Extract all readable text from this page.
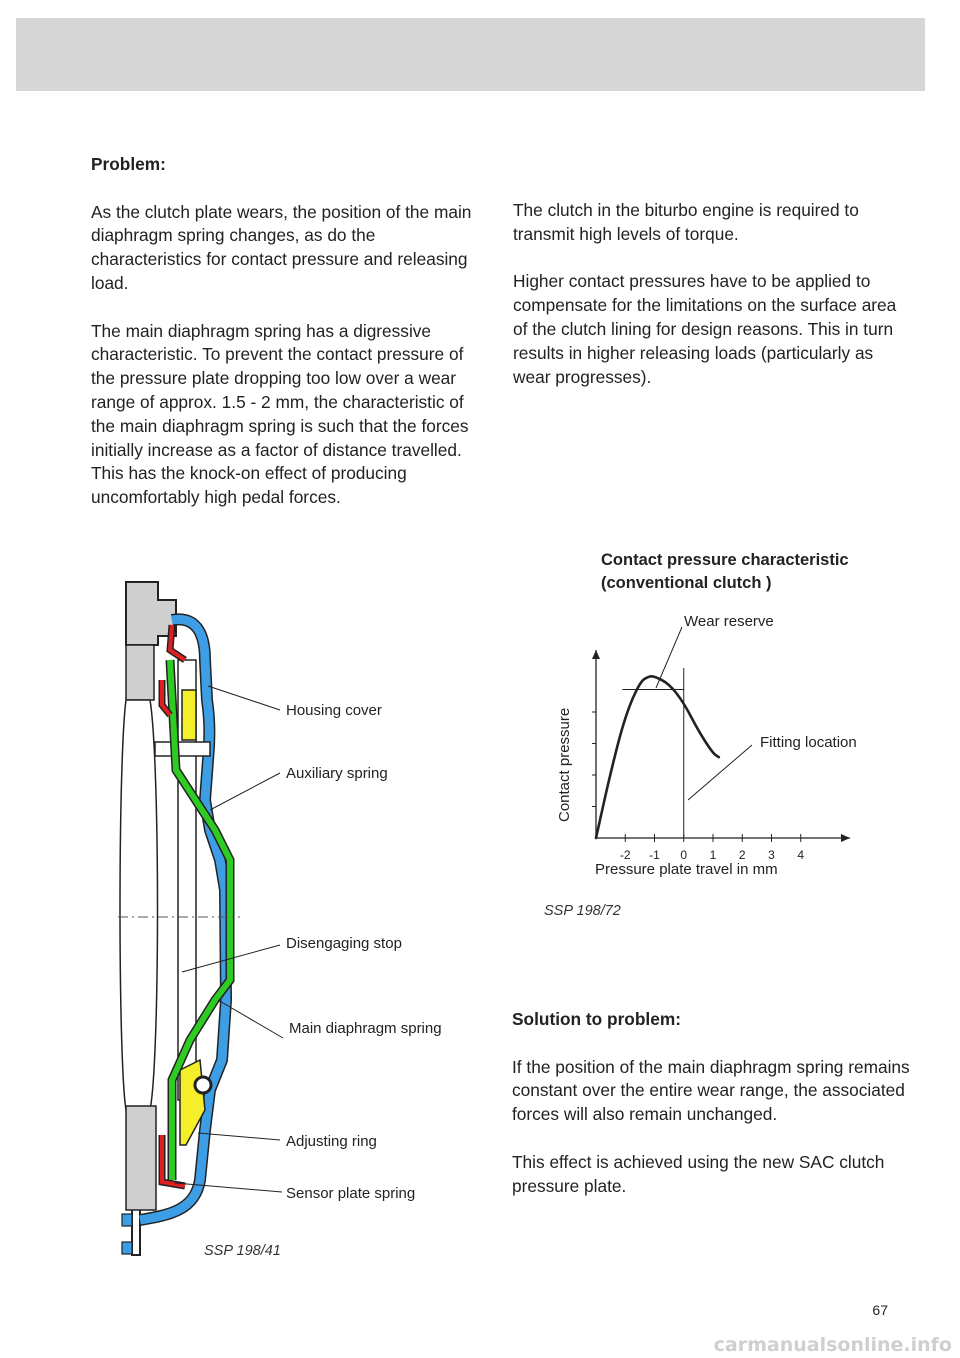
Problem:

As the clutch plate wears, the position of the main diaphragm spring changes, as do the characteristics for contact pressure and releasing load.

The main diaphragm spring has a digressive characteristic. To prevent the contact pressure of the pressure plate dropping too low over a wear range of approx. 1.5 - 2 mm, the characteristic of the main diaphragm spring is such that the forces initially increase as a factor of distance travelled.

This has the knock-on effect of producing uncomfortably high pedal forces.

The clutch in the biturbo engine is required to transmit high levels of torque.

Higher contact pressures have to be applied to compensate for the limitations on the surface area of the clutch lining for design reasons. This in turn results in higher releasing loads (particularly as wear progresses).

Housing cover
Auxiliary spring
Disengaging stop
Main diaphragm spring
Adjusting ring
Sensor plate spring
SSP 198/41
Contact pressure characteristic
(conventional clutch )
-2 -1 0 1 2 3 4
Wear reserve
Fitting location
Contact pressure
Pressure plate travel in mm
SSP 198/72

Solution to problem:

If the position of the main diaphragm spring remains constant over the entire wear range, the associated forces will also remain unchanged.

This effect is achieved using the new SAC clutch pressure plate.

67
carmanualsonline.info
